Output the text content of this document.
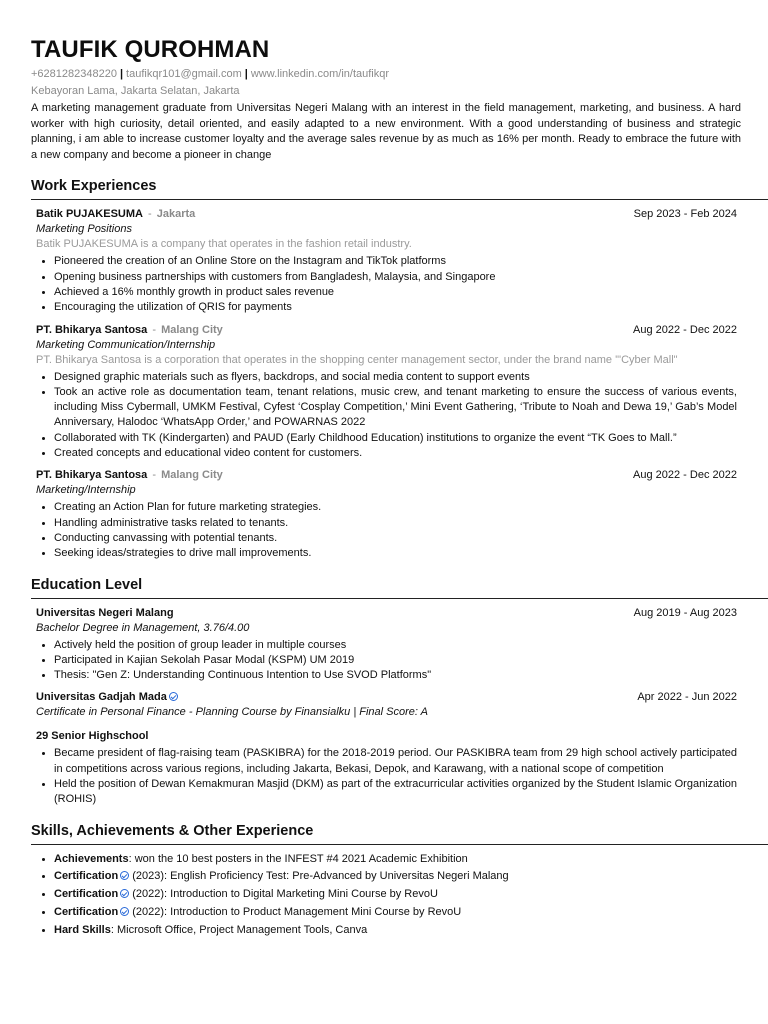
TAUFIK QUROHMAN
+6281282348220 | taufikqr101@gmail.com | www.linkedin.com/in/taufikqr
Kebayoran Lama, Jakarta Selatan, Jakarta
A marketing management graduate from Universitas Negeri Malang with an interest in the field management, marketing, and business. A hard worker with high curiosity, detail oriented, and easily adapted to a new environment. With a good understanding of business and strategic planning, i am able to increase customer loyalty and the average sales revenue by as much as 16% per month. Ready to embrace the future with a new company and become a pioneer in change
Work Experiences
Batik PUJAKESUMA - Jakarta	Sep 2023 - Feb 2024
Marketing Positions
Batik PUJAKESUMA is a company that operates in the fashion retail industry.
• Pioneered the creation of an Online Store on the Instagram and TikTok platforms
• Opening business partnerships with customers from Bangladesh, Malaysia, and Singapore
• Achieved a 16% monthly growth in product sales revenue
• Encouraging the utilization of QRIS for payments
PT. Bhikarya Santosa - Malang City	Aug 2022 - Dec 2022
Marketing Communication/Internship
PT. Bhikarya Santosa is a corporation that operates in the shopping center management sector, under the brand name '"Cyber Mall"
• Designed graphic materials such as flyers, backdrops, and social media content to support events
• Took an active role as documentation team, tenant relations, music crew, and tenant marketing to ensure the success of various events, including Miss Cybermall, UMKM Festival, Cyfest ‘Cosplay Competition,’ Mini Event Gathering, ‘Tribute to Noah and Dewa 19,’ Gab’s Model Anniversary, Halodoc ‘WhatsApp Order,’ and POWARNAS 2022
• Collaborated with TK (Kindergarten) and PAUD (Early Childhood Education) institutions to organize the event “TK Goes to Mall.”
• Created concepts and educational video content for customers.
PT. Bhikarya Santosa - Malang City	Aug 2022 - Dec 2022
Marketing/Internship
• Creating an Action Plan for future marketing strategies.
• Handling administrative tasks related to tenants.
• Conducting canvassing with potential tenants.
• Seeking ideas/strategies to drive mall improvements.
Education Level
Universitas Negeri Malang	Aug 2019 - Aug 2023
Bachelor Degree in Management, 3.76/4.00
• Actively held the position of group leader in multiple courses
• Participated in Kajian Sekolah Pasar Modal (KSPM) UM 2019
• Thesis: "Gen Z: Understanding Continuous Intention to Use SVOD Platforms"
Universitas Gadjah Mada	Apr 2022 - Jun 2022
Certificate in Personal Finance - Planning Course by Finansialku | Final Score: A
29 Senior Highschool
• Became president of flag-raising team (PASKIBRA) for the 2018-2019 period. Our PASKIBRA team from 29 high school actively participated in competitions across various regions, including Jakarta, Bekasi, Depok, and Karawang, with a national scope of competition
• Held the position of Dewan Kemakmuran Masjid (DKM) as part of the extracurricular activities organized by the Student Islamic Organization (ROHIS)
Skills, Achievements & Other Experience
• Achievements: won the 10 best posters in the INFEST #4 2021 Academic Exhibition
• Certification (2023): English Proficiency Test: Pre-Advanced by Universitas Negeri Malang
• Certification (2022): Introduction to Digital Marketing Mini Course by RevoU
• Certification (2022): Introduction to Product Management Mini Course by RevoU
• Hard Skills: Microsoft Office, Project Management Tools, Canva
